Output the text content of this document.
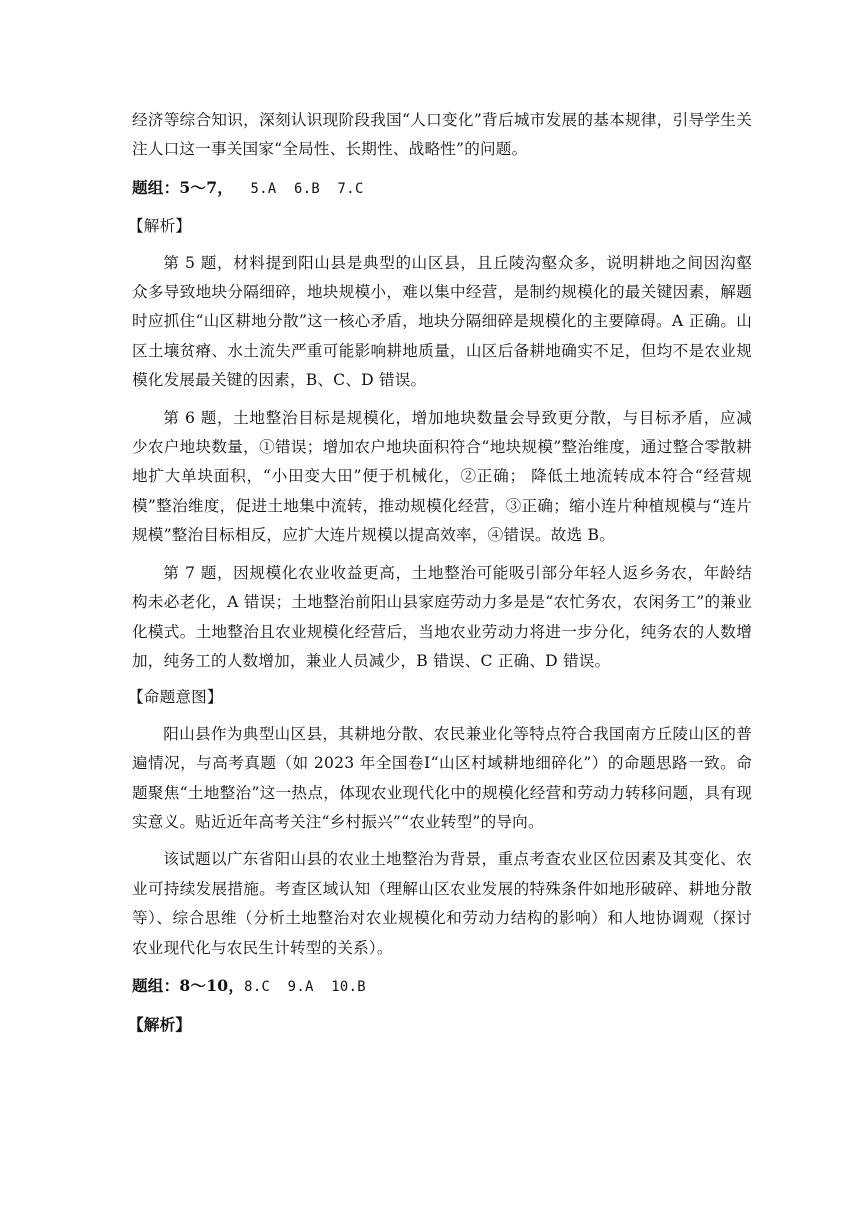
经济等综合知识，深刻认识现阶段我国“人口变化”背后城市发展的基本规律，引导学生关注人口这一事关国家“全局性、长期性、战略性”的问题。

题组：5～7，  5.A  6.B  7.C

【解析】

第 5 题，材料提到阳山县是典型的山区县，且丘陵沟壑众多，说明耕地之间因沟壑众多导致地块分隔细碎，地块规模小，难以集中经营，是制约规模化的最关键因素，解题时应抓住“山区耕地分散”这一核心矛盾，地块分隔细碎是规模化的主要障碍。A 正确。山区土壤贫瘠、水土流失严重可能影响耕地质量，山区后备耕地确实不足，但均不是农业规模化发展最关键的因素，B、C、D 错误。

第 6 题，土地整治目标是规模化，增加地块数量会导致更分散，与目标矛盾，应减少农户地块数量，①错误；增加农户地块面积符合“地块规模”整治维度，通过整合零散耕地扩大单块面积，“小田变大田”便于机械化，②正确； 降低土地流转成本符合“经营规模”整治维度，促进土地集中流转，推动规模化经营，③正确；缩小连片种植规模与“连片规模”整治目标相反，应扩大连片规模以提高效率，④错误。故选 B。

第 7 题，因规模化农业收益更高，土地整治可能吸引部分年轻人返乡务农，年龄结构未必老化，A 错误；土地整治前阳山县家庭劳动力多是是“农忙务农，农闲务工”的兼业化模式。土地整治且农业规模化经营后，当地农业劳动力将进一步分化，纯务农的人数增加，纯务工的人数增加，兼业人员减少，B 错误、C 正确、D 错误。

【命题意图】

阳山县作为典型山区县，其耕地分散、农民兼业化等特点符合我国南方丘陵山区的普遍情况，与高考真题（如 2023 年全国卷Ⅰ“山区村域耕地细碎化”）的命题思路一致。命题聚焦“土地整治”这一热点，体现农业现代化中的规模化经营和劳动力转移问题，具有现实意义。贴近近年高考关注“乡村振兴”“农业转型”的导向。

该试题以广东省阳山县的农业土地整治为背景，重点考查农业区位因素及其变化、农业可持续发展措施。考查区域认知（理解山区农业发展的特殊条件如地形破碎、耕地分散等）、综合思维（分析土地整治对农业规模化和劳动力结构的影响）和人地协调观（探讨农业现代化与农民生计转型的关系）。

题组：8～10，8.C  9.A  10.B

【解析】
